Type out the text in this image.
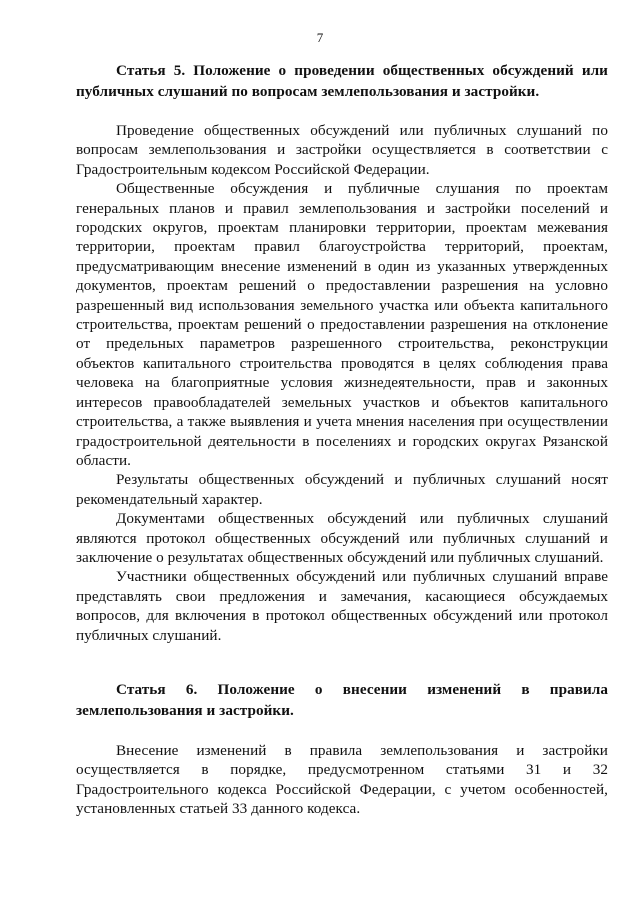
7

Статья 5. Положение о проведении общественных обсуждений или публичных слушаний по вопросам землепользования и застройки.

Проведение общественных обсуждений или публичных слушаний по вопросам землепользования и застройки осуществляется в соответствии с Градостроительным кодексом Российской Федерации.

Общественные обсуждения и публичные слушания по проектам генеральных планов и правил землепользования и застройки поселений и городских округов, проектам планировки территории, проектам межевания территории, проектам правил благоустройства территорий, проектам, предусматривающим внесение изменений в один из указанных утвержденных документов, проектам решений о предоставлении разрешения на условно разрешенный вид использования земельного участка или объекта капитального строительства, проектам решений о предоставлении разрешения на отклонение от предельных параметров разрешенного строительства, реконструкции объектов капитального строительства проводятся в целях соблюдения права человека на благоприятные условия жизнедеятельности, прав и законных интересов правообладателей земельных участков и объектов капитального строительства, а также выявления и учета мнения населения при осуществлении градостроительной деятельности в поселениях и городских округах Рязанской области.

Результаты общественных обсуждений и публичных слушаний носят рекомендательный характер.

Документами общественных обсуждений или публичных слушаний являются протокол общественных обсуждений или публичных слушаний и заключение о результатах общественных обсуждений или публичных слушаний.

Участники общественных обсуждений или публичных слушаний вправе представлять свои предложения и замечания, касающиеся обсуждаемых вопросов, для включения в протокол общественных обсуждений или протокол публичных слушаний.

Статья 6. Положение о внесении изменений в правила землепользования и застройки.

Внесение изменений в правила землепользования и застройки осуществляется в порядке, предусмотренном статьями 31 и 32 Градостроительного кодекса Российской Федерации, с учетом особенностей, установленных статьей 33 данного кодекса.
